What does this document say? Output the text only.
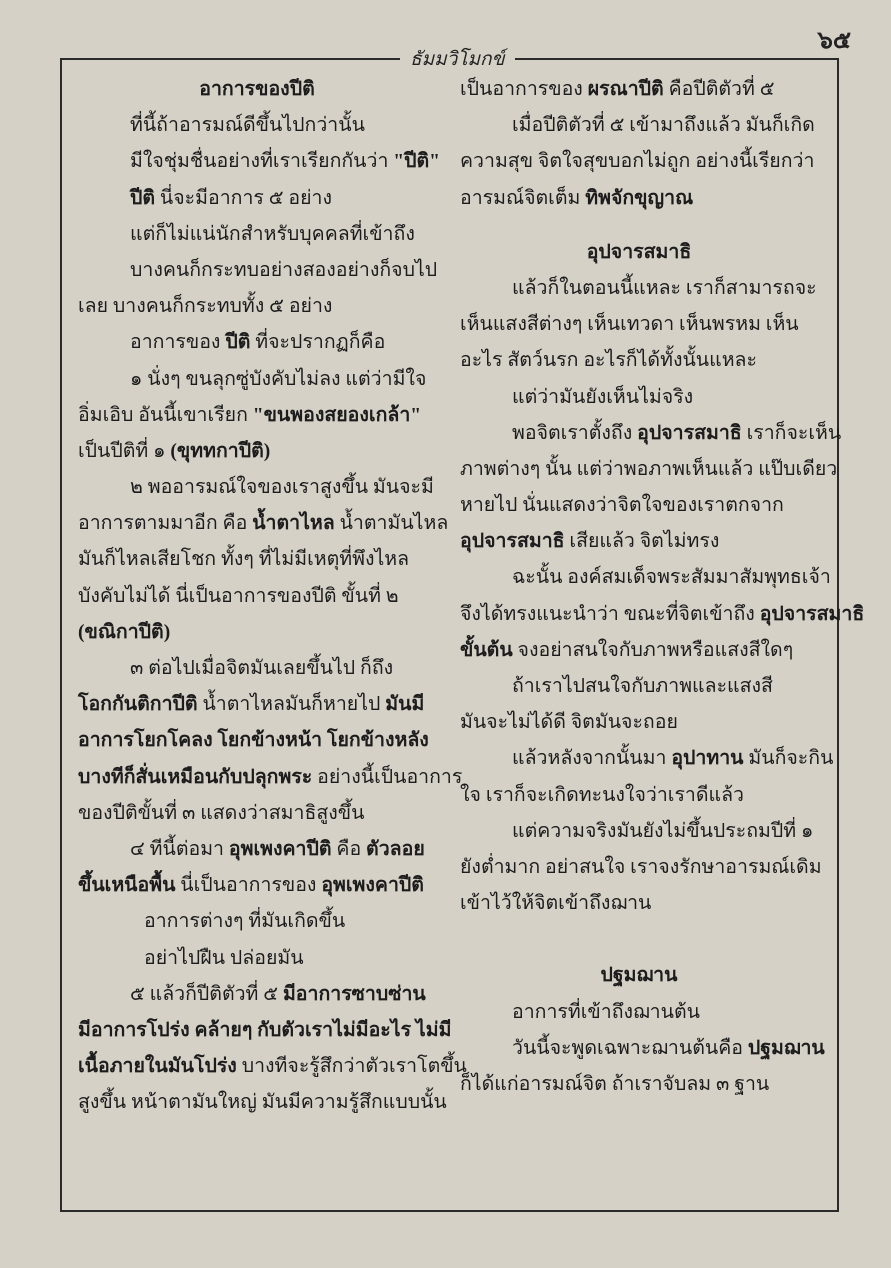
๖๕
ธัมมวิโมกข์
อาการของปีติ
ที่นี้ถ้าอารมณ์ดีขึ้นไปกว่านั้น
มีใจชุ่มชื่นอย่างที่เราเรียกกันว่า "ปีติ"
ปีติ นี่จะมีอาการ ๕ อย่าง
แต่ก็ไม่แน่นักสำหรับบุคคลที่เข้าถึง
บางคนก็กระทบอย่างสองอย่างก็จบไป
เลย บางคนก็กระทบทั้ง ๕ อย่าง
อาการของ ปีติ ที่จะปรากฏก็คือ
๑ นั่งๆ ขนลุกซู่บังคับไม่ลง แต่ว่ามีใจ
อิ่มเอิบ อันนี้เขาเรียก "ขนพองสยองเกล้า"
เป็นปีติที่ ๑ (ขุททกาปีติ)
๒ พออารมณ์ใจของเราสูงขึ้น มันจะมี
อาการตามมาอีก คือ น้ำตาไหล น้ำตามันไหล
มันก็ไหลเสียโชก ทั้งๆ ที่ไม่มีเหตุที่พึงไหล
บังคับไม่ได้ นี่เป็นอาการของปีติ ขั้นที่ ๒
(ขณิกาปีติ)
๓ ต่อไปเมื่อจิตมันเลยขึ้นไป ก็ถึง
โอกกันติกาปีติ น้ำตาไหลมันก็หายไป มันมี
อาการโยกโคลง โยกข้างหน้า โยกข้างหลัง
บางทีก็สั่นเหมือนกับปลุกพระ อย่างนี้เป็นอาการ
ของปีติขั้นที่ ๓ แสดงว่าสมาธิสูงขึ้น
๔ ทีนี้ต่อมา อุพเพงคาปีติ คือ ตัวลอย
ขึ้นเหนือพื้น นี่เป็นอาการของ อุพเพงคาปีติ
อาการต่างๆ ที่มันเกิดขึ้น
อย่าไปฝืน ปล่อยมัน
๕ แล้วก็ปีติตัวที่ ๕ มีอาการซาบซ่าน
มีอาการโปร่ง คล้ายๆ กับตัวเราไม่มีอะไร ไม่มี
เนื้อภายในมันโปร่ง บางทีจะรู้สึกว่าตัวเราโตขึ้น
สูงขึ้น หน้าตามันใหญ่ มันมีความรู้สึกแบบนั้น
เป็นอาการของ ผรณาปีติ คือปีติตัวที่ ๕
เมื่อปีติตัวที่ ๕ เข้ามาถึงแล้ว มันก็เกิด
ความสุข จิตใจสุขบอกไม่ถูก อย่างนี้เรียกว่า
อารมณ์จิตเต็ม ทิพจักขุญาณ
อุปจารสมาธิ
แล้วก็ในตอนนี้แหละ เราก็สามารถจะ
เห็นแสงสีต่างๆ เห็นเทวดา เห็นพรหม เห็น
อะไร สัตว์นรก อะไรก็ได้ทั้งนั้นแหละ
แต่ว่ามันยังเห็นไม่จริง
พอจิตเราตั้งถึง อุปจารสมาธิ เราก็จะเห็น
ภาพต่างๆ นั้น แต่ว่าพอภาพเห็นแล้ว แป๊บเดียว
หายไป นั่นแสดงว่าจิตใจของเราตกจาก
อุปจารสมาธิ เสียแล้ว จิตไม่ทรง
ฉะนั้น องค์สมเด็จพระสัมมาสัมพุทธเจ้า
จึงได้ทรงแนะนำว่า ขณะที่จิตเข้าถึง อุปจารสมาธิ
ขั้นต้น จงอย่าสนใจกับภาพหรือแสงสีใดๆ
ถ้าเราไปสนใจกับภาพและแสงสี
มันจะไม่ได้ดี จิตมันจะถอย
แล้วหลังจากนั้นมา อุปาทาน มันก็จะกิน
ใจ เราก็จะเกิดทะนงใจว่าเราดีแล้ว
แต่ความจริงมันยังไม่ขึ้นประถมปีที่ ๑
ยังต่ำมาก อย่าสนใจ เราจงรักษาอารมณ์เดิม
เข้าไว้ให้จิตเข้าถึงฌาน
ปฐมฌาน
อาการที่เข้าถึงฌานต้น
วันนี้จะพูดเฉพาะฌานต้นคือ ปฐมฌาน
ก็ได้แก่อารมณ์จิต ถ้าเราจับลม ๓ ฐาน
